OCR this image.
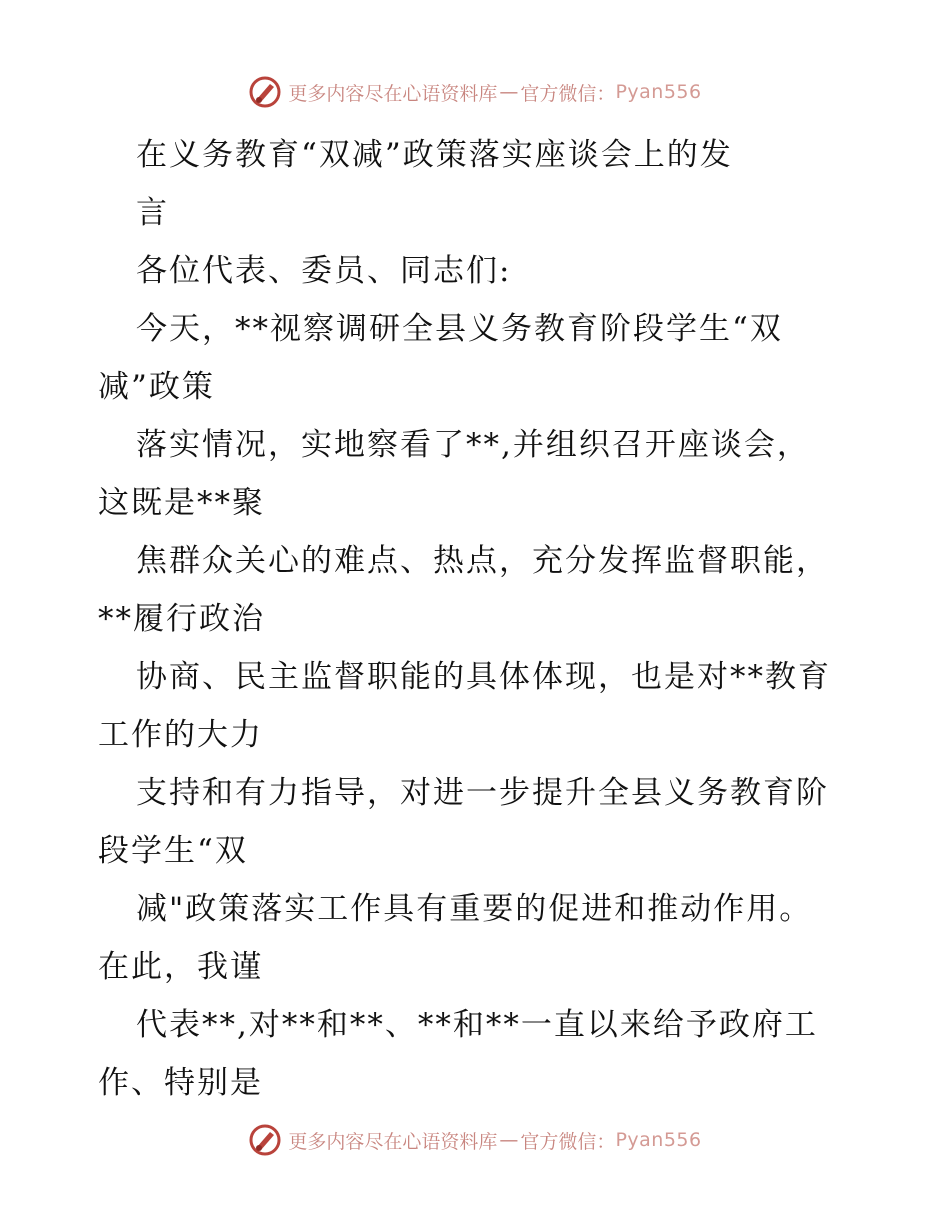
更多内容尽在心语资料库 — 官方微信： Pyan556
在义务教育“双减”政策落实座谈会上的发
言
各位代表、委员、同志们:
今天，**视察调研全县义务教育阶段学生“双
减”政策
落实情况，实地察看了**,并组织召开座谈会，
这既是**聚
焦群众关心的难点、热点，充分发挥监督职能，
**履行政治
协商、民主监督职能的具体体现，也是对**教育
工作的大力
支持和有力指导，对进一步提升全县义务教育阶
段学生“双
减"政策落实工作具有重要的促进和推动作用。
在此，我谨
代表**,对**和**、**和**一直以来给予政府工
作、特别是
更多内容尽在心语资料库 — 官方微信： Pyan556
